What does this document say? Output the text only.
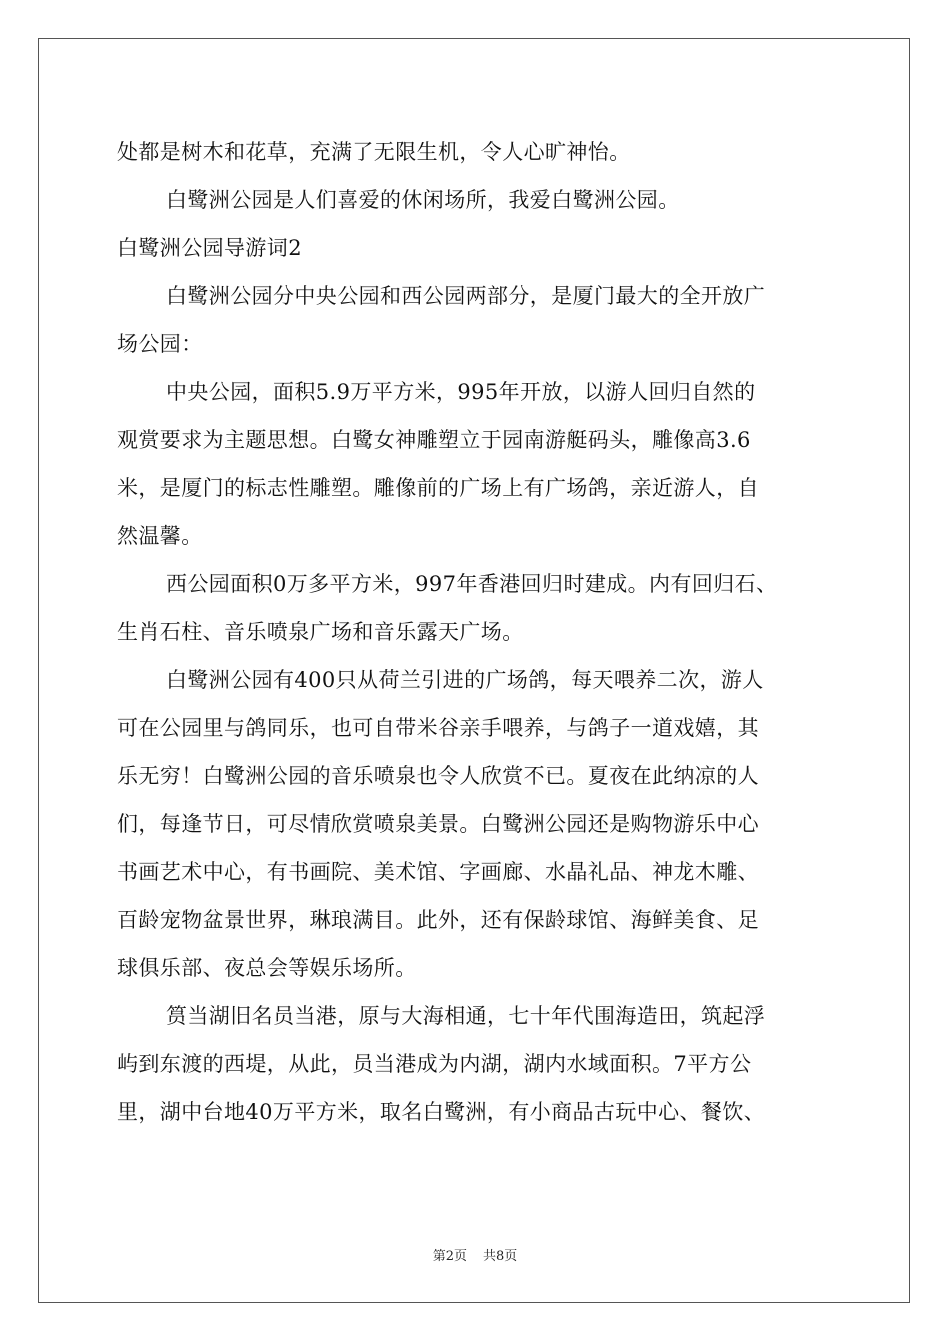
处都是树木和花草，充满了无限生机，令人心旷神怡。
白鹭洲公园是人们喜爱的休闲场所，我爱白鹭洲公园。
白鹭洲公园导游词2
白鹭洲公园分中央公园和西公园两部分，是厦门最大的全开放广
场公园：
中央公园，面积5.9万平方米，995年开放，以游人回归自然的
观赏要求为主题思想。白鹭女神雕塑立于园南游艇码头，雕像高3.6
米，是厦门的标志性雕塑。雕像前的广场上有广场鸽，亲近游人，自
然温馨。
西公园面积0万多平方米，997年香港回归时建成。内有回归石、
生肖石柱、音乐喷泉广场和音乐露天广场。
白鹭洲公园有400只从荷兰引进的广场鸽，每天喂养二次，游人
可在公园里与鸽同乐，也可自带米谷亲手喂养，与鸽子一道戏嬉，其
乐无穷！白鹭洲公园的音乐喷泉也令人欣赏不已。夏夜在此纳凉的人
们，每逢节日，可尽情欣赏喷泉美景。白鹭洲公园还是购物游乐中心
书画艺术中心，有书画院、美术馆、字画廊、水晶礼品、神龙木雕、
百龄宠物盆景世界，琳琅满目。此外，还有保龄球馆、海鲜美食、足
球俱乐部、夜总会等娱乐场所。
筼当湖旧名员当港，原与大海相通，七十年代围海造田，筑起浮
屿到东渡的西堤，从此，员当港成为内湖，湖内水域面积。7平方公
里，湖中台地40万平方米，取名白鹭洲，有小商品古玩中心、餐饮、
第2页 共8页
